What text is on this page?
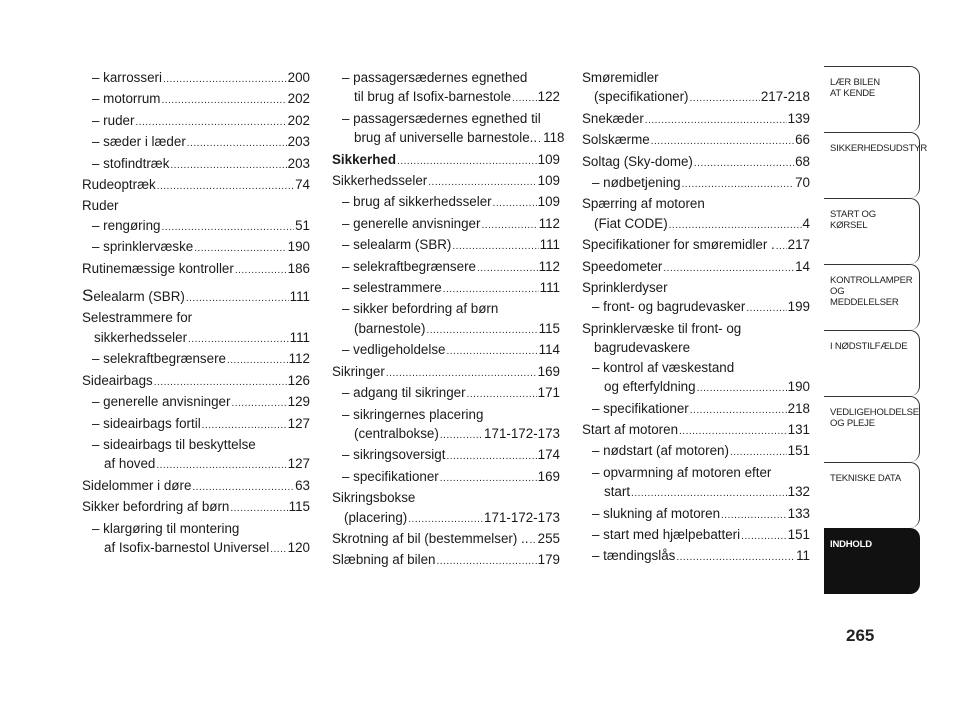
– karrosseri .....	200
– motorrum .....	202
– ruder .....	202
– sæder i læder .....	203
– stofindtræk .....	203
Rudeoptræk .....	74
Ruder
– rengøring .....	51
– sprinklervæske .....	190
Rutinemæssige kontroller .....	186
Selealarm (SBR) .....	111
Selestrammere for
sikkerhedsseler .....	111
– selekraftbegrænsere .....	112
Sideairbags .....	126
– generelle anvisninger .....	129
– sideairbags fortil .....	127
– sideairbags til beskyttelse
af hoved .....	127
Sidelommer i døre .....	63
Sikker befordring af børn .....	115
– klargøring til montering
af Isofix-barnestol Universel ..... 120
– passagersædernes egnethed
til brug af Isofix-barnestole ..... 122
– passagersædernes egnethed til
brug af universelle barnestole.. ..... 118
Sikkerhed .....	109
Sikkerhedsseler .....	109
– brug af sikkerhedsseler .....	109
– generelle anvisninger .....	112
– selealarm (SBR) .....	111
– selekraftbegrænsere .....	112
– selestrammere .....	111
– sikker befordring af børn
(barnestole) .....	115
– vedligeholdelse .....	114
Sikringer .....	169
– adgang til sikringer .....	171
– sikringernes placering
(centralbokse) .....	171-172-173
– sikringsoversigt .....	174
– specifikationer .....	169
Sikringsbokse
(placering) .....	171-172-173
Skrotning af bil (bestemmelser) .. ..... 255
Slæbning af bilen .....	179
Smøremidler
(specifikationer) .....	217-218
Snekæder .....	139
Solskærme .....	66
Soltag (Sky-dome) .....	68
– nødbetjening .....	70
Spærring af motoren
(Fiat CODE) .....	4
Specifikationer for smøremidler . ..... 217
Speedometer .....	14
Sprinklerdyser
– front- og bagrudevasker .....	199
Sprinklervæske til front- og
bagrudevaskere
– kontrol af væskestand
og efterfyldning .....	190
– specifikationer .....	218
Start af motoren .....	131
– nødstart (af motoren) .....	151
– opvarmning af motoren efter
start .....	132
– slukning af motoren .....	133
– start med hjælpebatteri .....	151
– tændingslås .....	11
LÆR BILEN
AT KENDE
SIKKERHEDSUDSTYR
START OG KØRSEL
KONTROLLAMPER
OG MEDDELELSER
I NØDSTILFÆLDE
VEDLIGEHOLDELSE
OG PLEJE
TEKNISKE DATA
INDHOLD
265
